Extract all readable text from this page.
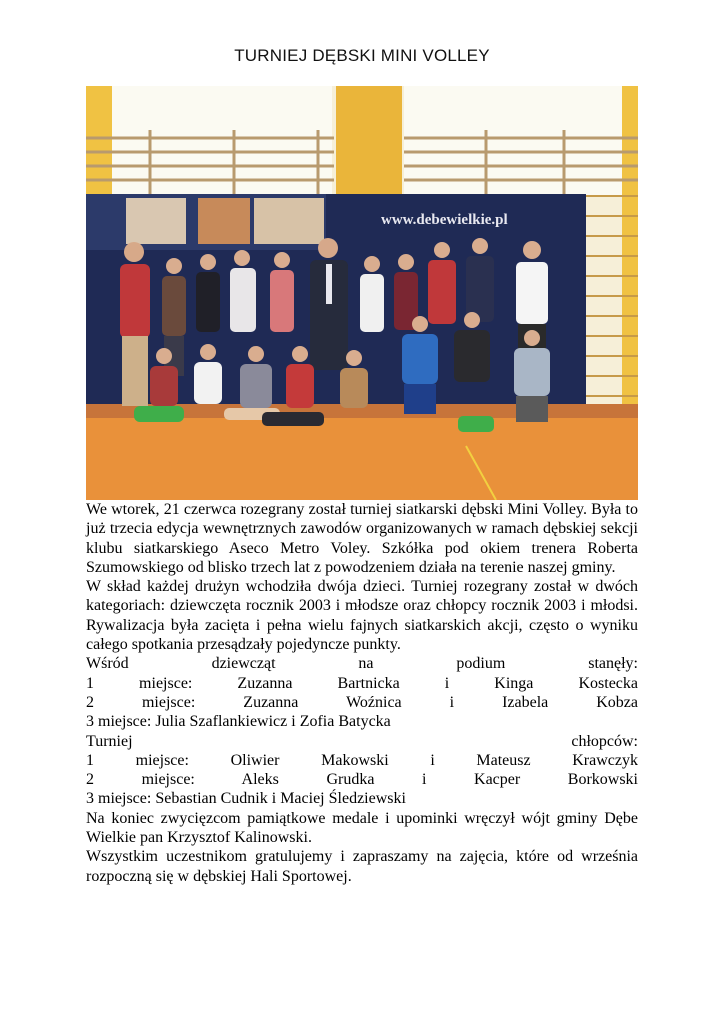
TURNIEJ DĘBSKI MINI VOLLEY
www.debewielkie.pl

We wtorek, 21 czerwca rozegrany został turniej siatkarski dębski Mini Volley. Była to już trzecia edycja wewnętrznych zawodów organizowanych w ramach dębskiej sekcji klubu siatkarskiego Aseco Metro Voley. Szkółka pod okiem trenera Roberta Szumowskiego od blisko trzech lat z powodzeniem działa na terenie naszej gminy.

W skład każdej drużyn wchodziła dwója dzieci. Turniej rozegrany został w dwóch kategoriach: dziewczęta rocznik 2003 i młodsze oraz chłopcy rocznik 2003 i młodsi. Rywalizacja była zacięta i pełna wielu fajnych siatkarskich akcji, często o wyniku całego spotkania przesądzały pojedyncze punkty.

Wśród dziewcząt na podium stanęły:

1 miejsce: Zuzanna Bartnicka i Kinga Kostecka

2 miejsce: Zuzanna Woźnica i Izabela Kobza

3 miejsce: Julia Szaflankiewicz i Zofia Batycka

Turniej chłopców:

1 miejsce: Oliwier Makowski i Mateusz Krawczyk

2 miejsce: Aleks Grudka i Kacper Borkowski

3 miejsce: Sebastian Cudnik i Maciej Śledziewski

Na koniec zwycięzcom pamiątkowe medale i upominki wręczył wójt gminy Dębe Wielkie pan Krzysztof Kalinowski.

Wszystkim uczestnikom gratulujemy i zapraszamy na zajęcia, które od września rozpoczną się w dębskiej Hali Sportowej.
